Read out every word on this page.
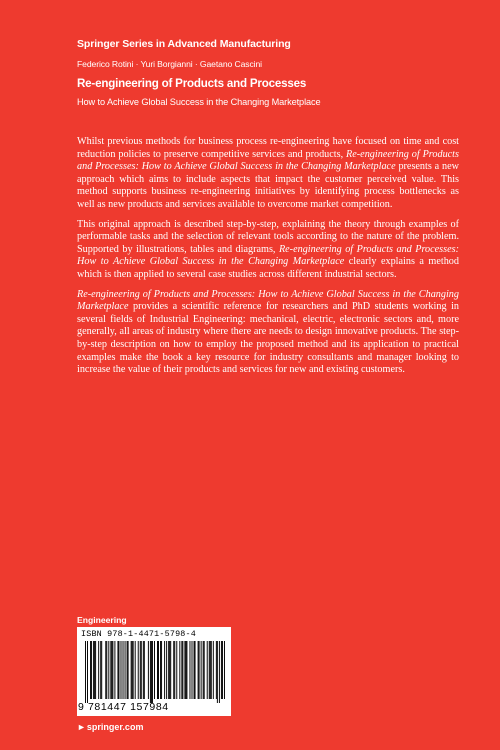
Springer Series in Advanced Manufacturing
Federico Rotini · Yuri Borgianni · Gaetano Cascini
Re-engineering of Products and Processes
How to Achieve Global Success in the Changing Marketplace

Whilst previous methods for business process re-engineering have focused on time and cost reduction policies to preserve competitive services and products, Re-engineering of Products and Processes: How to Achieve Global Success in the Changing Marketplace presents a new approach which aims to include aspects that impact the customer perceived value. This method supports business re-engineering initiatives by identifying process bottlenecks as well as new products and services available to overcome market competition.

This original approach is described step-by-step, explaining the theory through examples of performable tasks and the selection of relevant tools according to the nature of the problem. Supported by illustrations, tables and diagrams, Re-engineering of Products and Processes: How to Achieve Global Success in the Changing Marketplace clearly explains a method which is then applied to several case studies across different industrial sectors.

Re-engineering of Products and Processes: How to Achieve Global Success in the Changing Marketplace provides a scientific reference for researchers and PhD students working in several fields of Industrial Engineering: mechanical, electric, electronic sectors and, more generally, all areas of industry where there are needs to design innovative products. The step-by-step description on how to employ the proposed method and its application to practical examples make the book a key resource for industry consultants and manager looking to increase the value of their products and services for new and existing customers.

Engineering
ISBN 978-1-4471-5798-4
9 781447 157984
►springer.com
